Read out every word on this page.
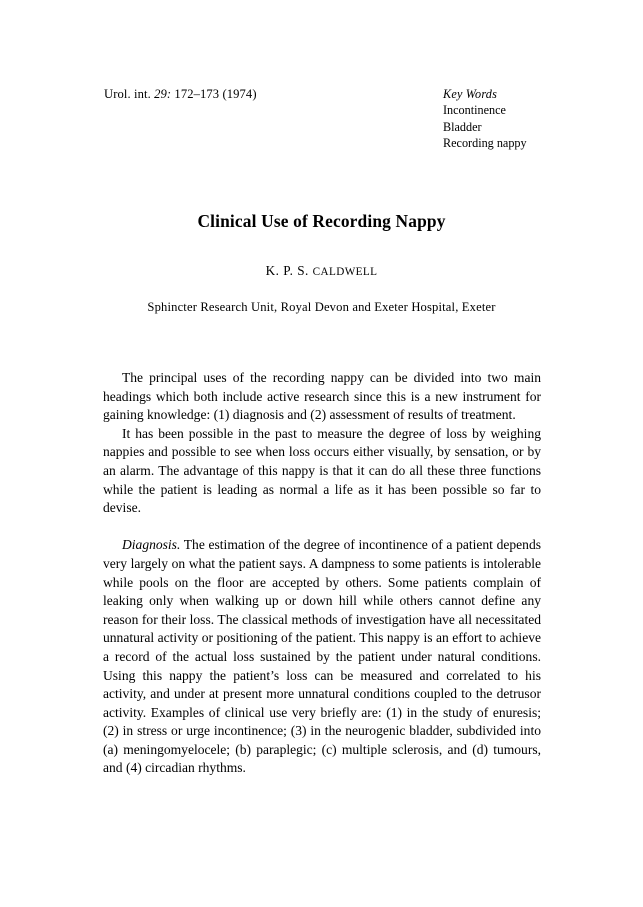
Urol. int. 29: 172–173 (1974)	Key Words
Incontinence
Bladder
Recording nappy
Clinical Use of Recording Nappy

K. P. S. CALDWELL

Sphincter Research Unit, Royal Devon and Exeter Hospital, Exeter

The principal uses of the recording nappy can be divided into two main headings which both include active research since this is a new instrument for gaining knowledge: (1) diagnosis and (2) assessment of results of treatment.

It has been possible in the past to measure the degree of loss by weighing nappies and possible to see when loss occurs either visually, by sensation, or by an alarm. The advantage of this nappy is that it can do all these three functions while the patient is leading as normal a life as it has been possible so far to devise.

Diagnosis. The estimation of the degree of incontinence of a patient depends very largely on what the patient says. A dampness to some patients is intolerable while pools on the floor are accepted by others. Some patients complain of leaking only when walking up or down hill while others cannot define any reason for their loss. The classical methods of investigation have all necessitated unnatural activity or positioning of the patient. This nappy is an effort to achieve a record of the actual loss sustained by the patient under natural conditions. Using this nappy the patient’s loss can be measured and correlated to his activity, and under at present more unnatural conditions coupled to the detrusor activity. Examples of clinical use very briefly are: (1) in the study of enuresis; (2) in stress or urge incontinence; (3) in the neurogenic bladder, subdivided into (a) meningomyelocele; (b) paraplegic; (c) multiple sclerosis, and (d) tumours, and (4) circadian rhythms.
